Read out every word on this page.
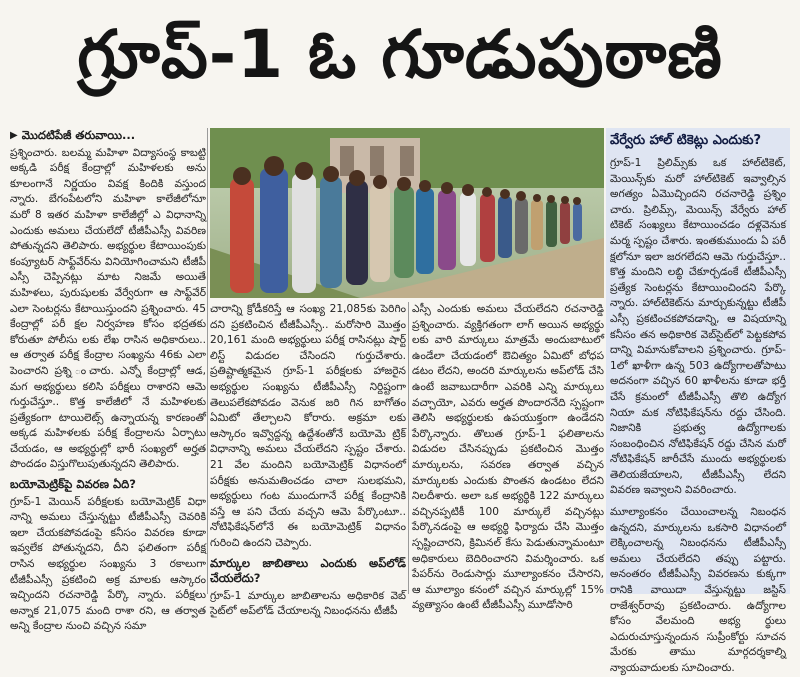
గ్రూప్‌-1 ఓ గూడుపుఠాణి
▶ మొదటిపేజీ తరువాయి...

ప్రశ్నించారు. బలమ్మ మహిళా విద్యాసంస్థ కాబట్టి అక్కడి పరీక్ష కేంద్రాల్లో మహిళలకు అను కూలంగానే నిర్ణయం వివక్ష కిందికి వస్తుంద న్నారు. బేగంపేటలోని మహిళా కాలేజీలోనూ మరో 8 ఇతర మహిళా కాలేజీల్లో ఎ విధానాన్ని ఎందుకు అమలు చేయలేదో టీజీపీఎస్సీ వివరిణ పోతున్నదని తెలిపారు. అభ్యర్థుల కేటాయింపుకు కంప్యూటర్ సాఫ్ట్‌వేర్‌ను వినియోగించామని టీజీపీ ఎస్సీ చెప్పినట్లు మాట నిజమే అయితే మహిళలు, పురుషులకు వేర్వేరుగా ఆ సాఫ్ట్‌వేర్ ఎలా సెంటర్లను కేటాయిస్తుందని ప్రశ్నించారు. 45 కేంద్రాల్లో పరీ క్షల నిర్వహణ కోసం భద్రతకు కోరుతూ పోలీసు లకు లేఖ రాసిన అధికారులు.. ఆ తర్వాత పరీక్ష కేంద్రాల సంఖ్యను 46కు ఎలా పెంచారని ప్రశ్ని ంచారు. ఎన్నో కేంద్రాల్లో ఆడ, మగ అభ్యర్థులు కలిసి పరీక్షలు రాశారని ఆమె గుర్తుచేస్తూ.. కొత్త కాలేజీలో నే మహిళలకు ప్రత్యేకంగా టాయిలెట్స్ ఉన్నాయన్న కారణంతో అక్కడ మహిళలకు పరీక్ష కేంద్రాలను ఏర్పాటు చేయడం, ఆ అభ్యర్థుల్లో భారీ సంఖ్యలో అర్హత పొందడం విస్తుగొలుపుతున్నదని తెలిపారు.

బయోమెట్రిక్‌పై వివరణ ఏది?

గ్రూప్‌-1 మెయిన్ పరీక్షలకు బయోమెట్రిక్ విధా నాన్ని అమలు చేస్తున్నట్టు టీజీపీఎస్సీ చెవరికి ఇలా చేయకపోవడంపై కనీసం వివరణ కూడా ఇవ్వలేక పోతున్నదని, దీని ఫలితంగా పరీక్ష రాసిన అభ్యర్థుల సంఖ్యను 3 రకాలుగా టీజీపీఎస్సీ ప్రకటించి అక్ర మాలకు ఆస్కారం ఇచ్చిందని రచనారెడ్డి పేర్కొ న్నారు. పరీక్షలు అన్నాక 21,075 మంది రాశా రని, ఆ తర్వాత అన్ని కేంద్రాల నుంచి వచ్చిన సమా

చారాన్ని క్రోడీకరిస్తే ఆ సంఖ్య 21,085కు పెరిగిం దని ప్రకటించిన టీజీపీఎస్సీ.. మరోసారి మొత్తం 20,161 మంది అభ్యర్థులు పరీక్ష రాసినట్లు షార్ట్ లిస్ట్ విడుదల చేసిందని గుర్తుచేశారు. ప్రతిష్టాత్మకమైన గ్రూప్‌-1 పరీక్షలకు హాజరైన అభ్యర్థుల సంఖ్యను టీజీపీఎస్సీ నిర్దిష్టంగా తెలుపలేకపోవడం వెనుక జరి గిన బాగోతం ఏమిటో తేల్చాలని కోరారు. అక్రమా లకు ఆస్కారం ఇవ్వొద్దన్న ఉద్దేశంతోనే బయోమె ట్రిక్ విధానాన్ని అమలు చేయలేదని స్పష్టం చేశారు. 21 వేల మందిని బయోమెట్రిక్ విధానంలో పరీక్షకు అనుమతించడం చాలా సులభమని, అభ్యర్థులు గంట ముందుగానే పరీక్ష కేంద్రానికి వస్తే ఆ పని చేయ వచ్చని ఆమె పేర్కొంటూ.. నోటిఫికేషన్‌లోనే ఈ బయోమెట్రిక్ విధానం గురించి ఉందని చెప్పారు.

మార్కుల జాబితాలు ఎందుకు అప్‌లోడ్ చేయలేదు?

గ్రూప్‌-1 మార్కుల జాబితాలను అధికారిక వెబ్ సైట్‌లో అప్‌లోడ్ చేయాలన్న నిబంధనను టీజీపీ

ఎస్సీ ఎందుకు అమలు చేయలేదని రచనారెడ్డి ప్రశ్నించారు. వ్యక్తిగతంగా లాగ్ అయిన అభ్యర్థు లకు వారి మార్కులు మాత్రమే అందుబాటులో ఉండేలా చేయడంలో ఔచిత్యం ఏమిటో బోధప డటం లేదని, అందరి మార్కులను అప్‌లోడ్ చేసి ఉంటే జవాబుదారీగా ఎవరికి ఎన్ని మార్కులు వచ్చాయో, ఎవరు అర్హత పొందారనేది స్పష్టంగా తెలిసి అభ్యర్థులకు ఉపయుక్తంగా ఉండేదని పేర్కొన్నారు. తొలుత గ్రూప్‌-1 ఫలితాలను విడుదల చేసినప్పుడు ప్రకటించిన మొత్తం మార్కులను, సవరణ తర్వాత వచ్చిన మార్కులకు ఎందుకు పొంతన ఉండటం లేదని నిలదీశారు. అలా ఒక అభ్యర్థికి 122 మార్కులు వచ్చినప్పటికీ 100 మార్కులే వచ్చినట్లు పేర్కొనడంపై ఆ అభ్యర్థి ఫిర్యాదు చేసి మొత్తం స్పష్టించారని, క్రిమినల్ కేసు పెడుతున్నామంటూ అధికారులు బెదిరించారని విమర్శించారు. ఒక పేపర్‌ను రెండుసార్లు మూల్యాంకనం చేసారని, ఆ మూల్యాం కనంలో వచ్చిన మార్కుల్లో 15% వ్యత్యాసం ఉంటే టీజీపీఎస్సీ మూడోసారి

వేర్వేరు హాల్ టికెట్లు ఎందుకు?

గ్రూప్‌-1 ప్రిలిమ్స్‌కు ఒక హాల్‌టికెట్, మెయిన్స్‌కు మరో హాల్‌టికెట్ ఇవ్వాల్సిన అగత్యం ఏమొచ్చిందని రచనారెడ్డి ప్రశ్నిం చారు. ప్రిలిమ్స్, మెయిన్స్ వేర్వేరు హాల్ టికెట్ సంఖ్యలు కేటాయించడం దళ్లవెనుక మర్మ స్పష్టం చేశారు. ఇంతకుముందు ఏ పరీ క్షలోనూ ఇలా జరగలేదని ఆమె గుర్తుచేస్తూ.. కొత్త మందిని లబ్ధి చేకూర్చడంకే టీజీపీఎస్సీ ప్రత్యేక సెంటర్లను కేటాయించిందని పేర్కొ న్నారు. హాల్‌టికెట్‌ను మార్చుకున్నట్టు టీజీపీ ఎస్సీ ప్రకటించకపోవడాన్ని, ఆ విషయాన్ని కనీసం తన అధికారిక వెబ్‌సైట్‌లో పెట్టకపోవ దాన్ని విమానుకోవాలని ప్రశ్నించారు. గ్రూప్‌- 1లో ఖాళీగా ఉన్న 503 ఉద్యోగాలతోపాటు అదనంగా వచ్చిన 60 ఖాళీలను కూడా భర్తీ చేసే క్రమంలో టీజీపీఎస్సీ తొలి ఉద్యోగ నియా మక నోటిఫికేషన్‌ను రద్దు చేసింది. నిజానికి ప్రభుత్వ ఉద్యోగాలకు సంబంధించిన నోటిఫికేషన్ రద్దు చేసిన మరో నోటిఫికేషన్ జారీచేసే ముందు అభ్యర్థులకు తెలియజేయాలని, టీజీపీఎస్సీ లేదని వివరణ ఇవ్వాలని వివరించారు.

మూల్యాంకనం చేయించాలన్న నిబంధన ఉన్నదని, మార్కులను ఒకసారి విధానంలో లెక్కించాలన్న నిబంధనను టీజీపీఎస్సీ అమలు చేయలేదని తప్పు పట్టారు. అనంతరం టీజీపీఎస్సీ వివరణను కుక్కగా రానికి వాయిదా వేస్తున్నట్టు జస్టిస్ రాజేశ్వర్‌రావు ప్రకటించారు. ఉద్యోగాల కోసం వేలమంది అభ్య ర్థులు ఎదురుచూస్తున్నందున సుప్రీంకోర్టు సూచన మేరకు తాము మార్గదర్శకాల్ని న్యాయవాదులకు సూచించారు.
